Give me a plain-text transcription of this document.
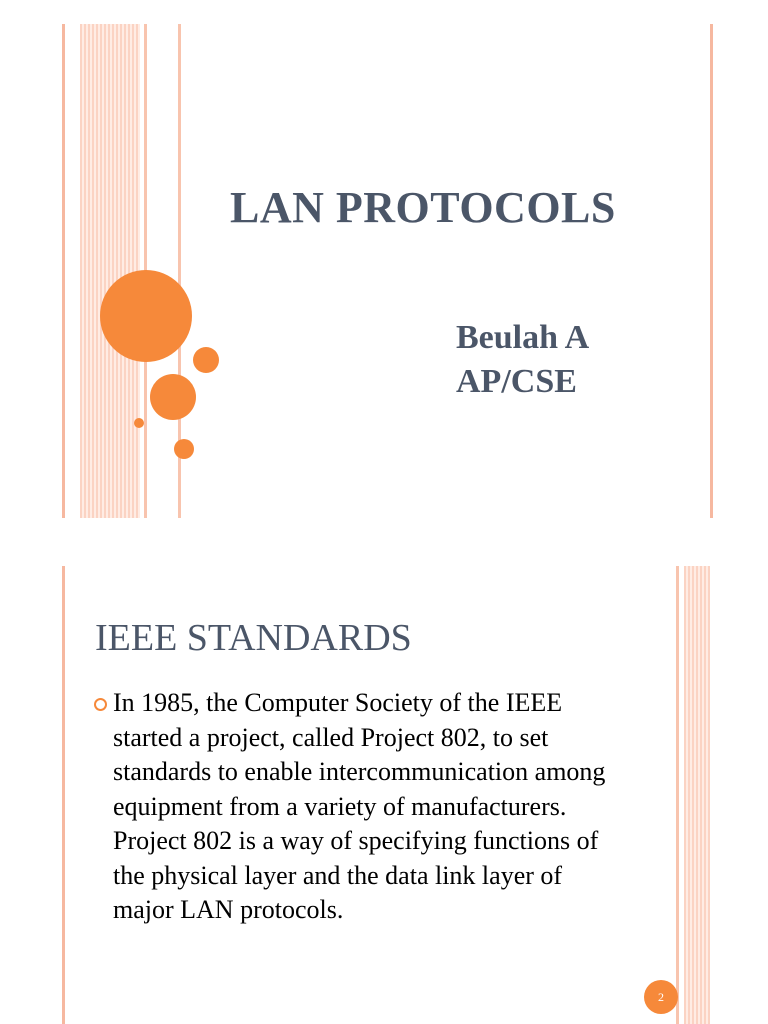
LAN PROTOCOLS
Beulah A
AP/CSE
IEEE STANDARDS
In 1985, the Computer Society of the IEEE started a project, called Project 802, to set standards to enable intercommunication among equipment from a variety of manufacturers. Project 802 is a way of specifying functions of the physical layer and the data link layer of major LAN protocols.
2
